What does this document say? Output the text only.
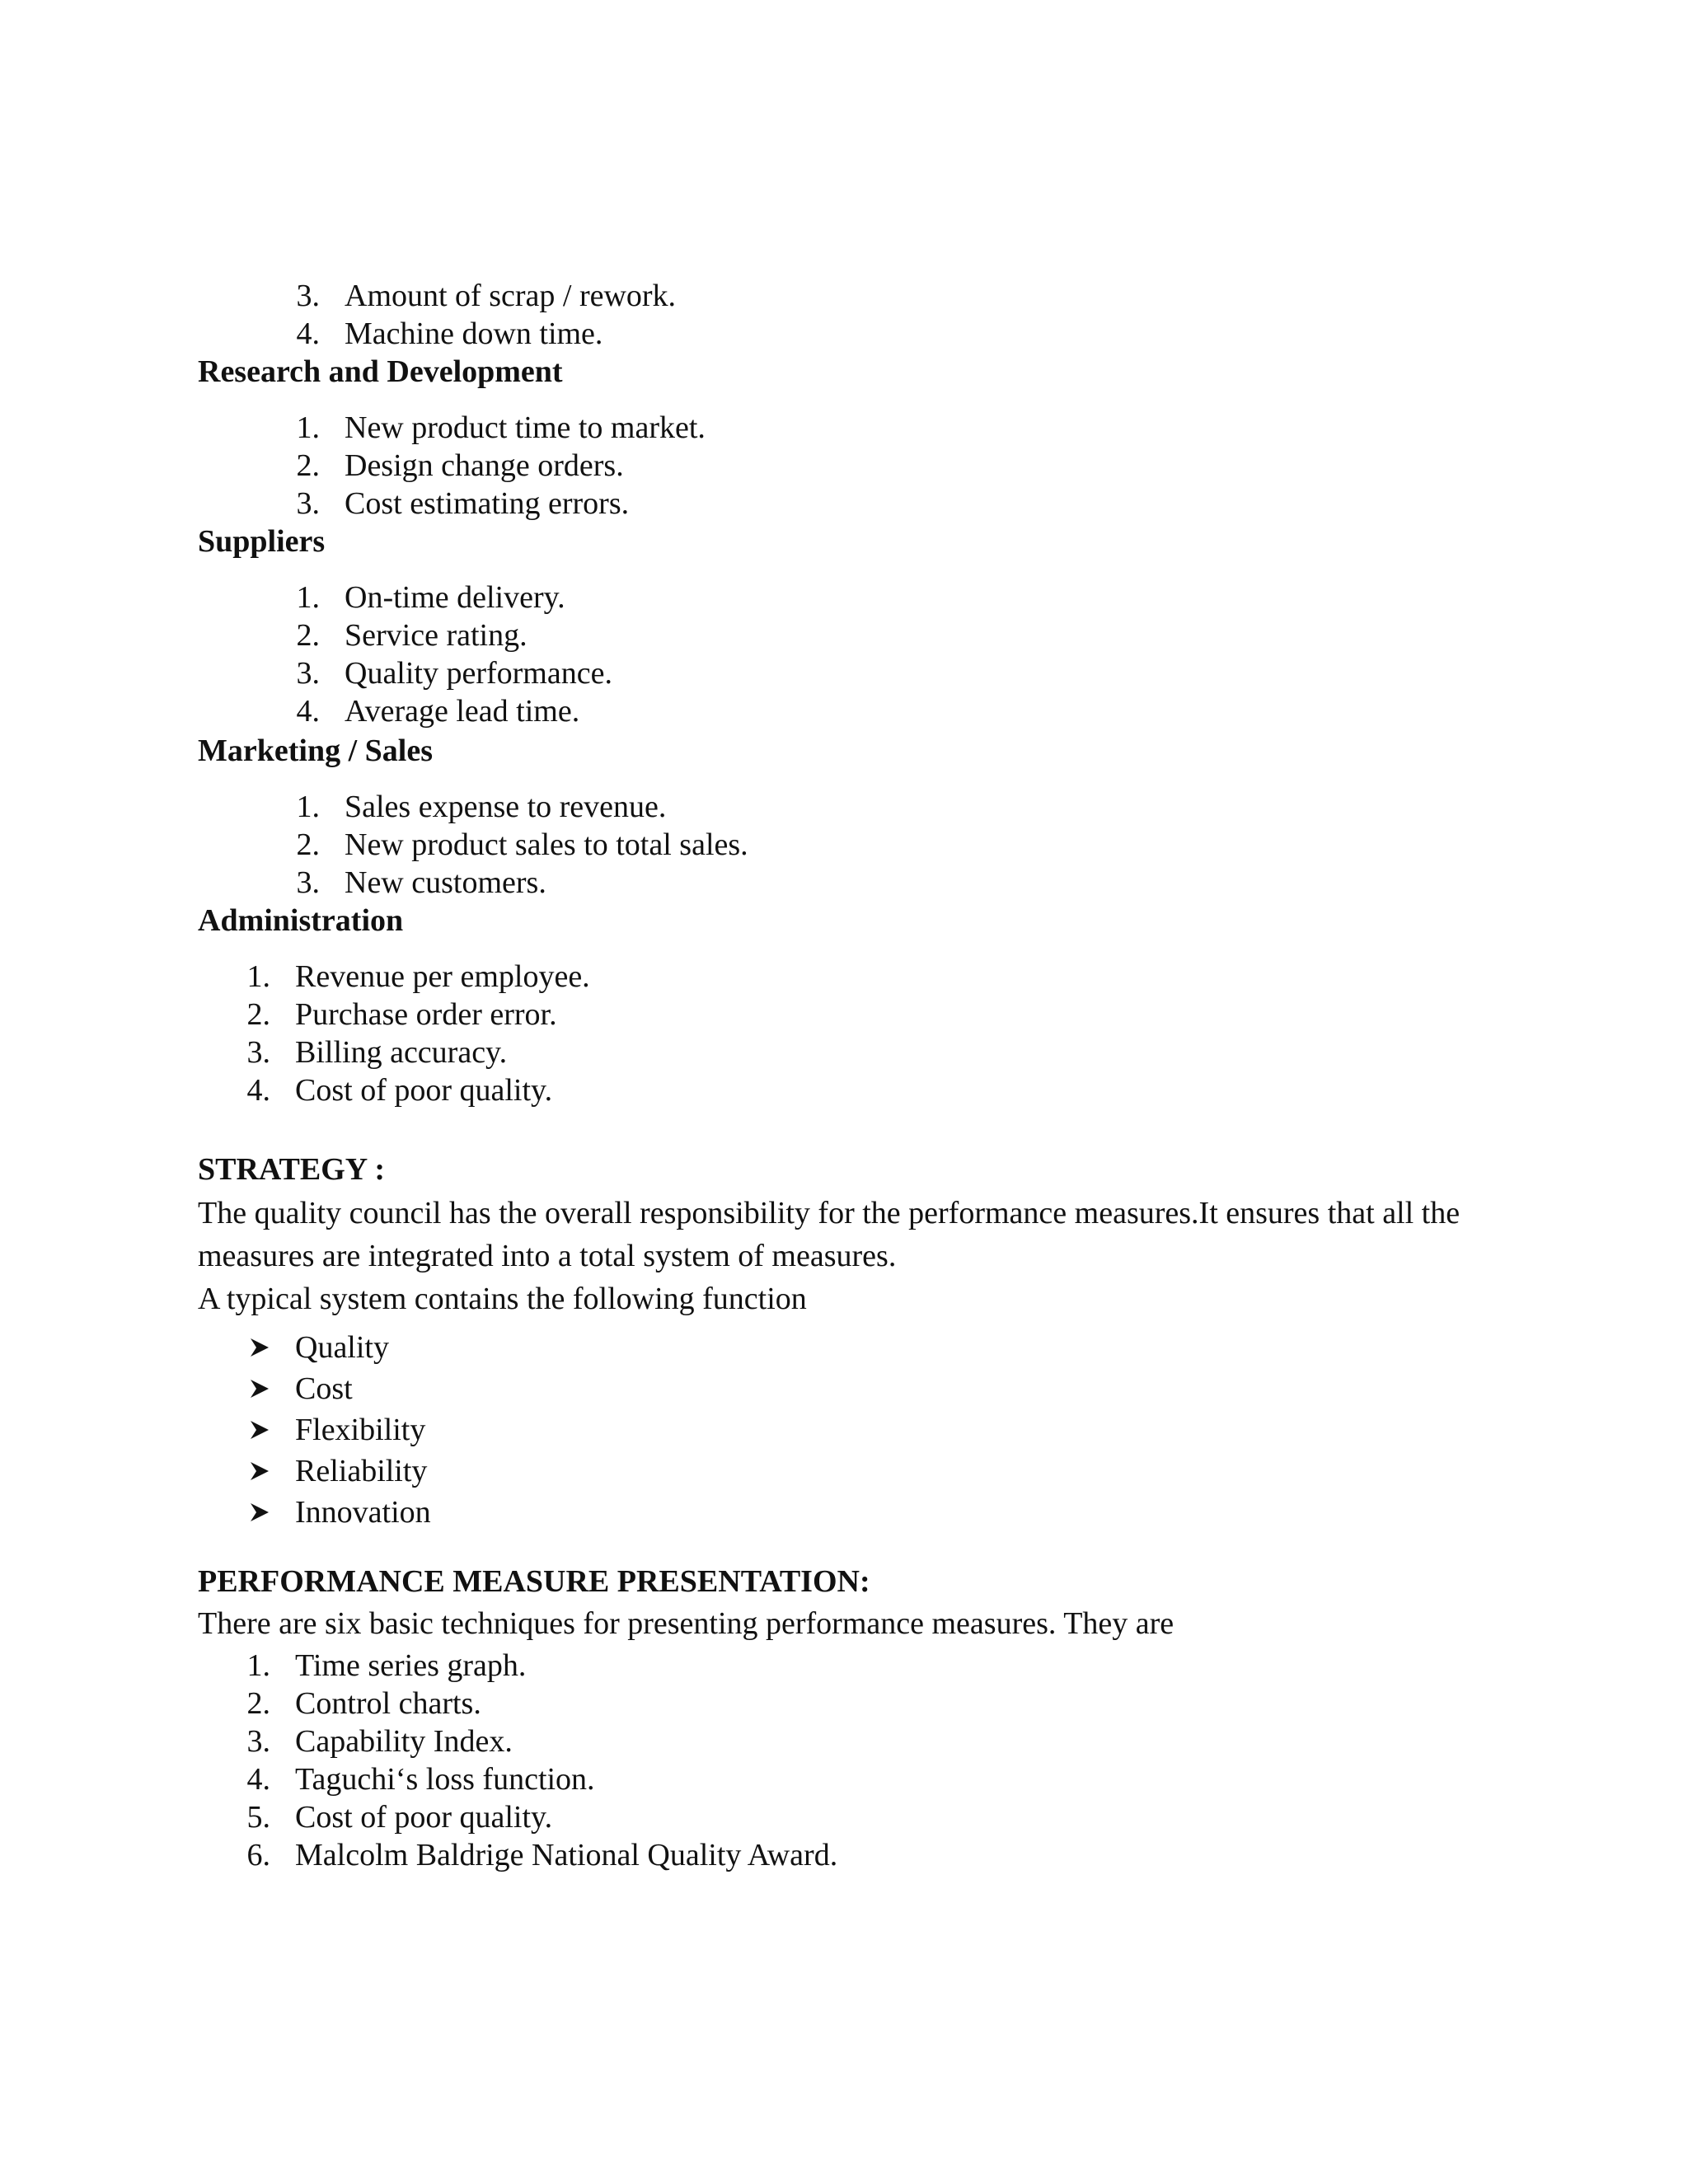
3. Amount of scrap / rework.
4. Machine down time.

Research and Development

1. New product time to market.
2. Design change orders.
3. Cost estimating errors.

Suppliers

1. On-time delivery.
2. Service rating.
3. Quality performance.
4. Average lead time.

Marketing / Sales

1. Sales expense to revenue.
2. New product sales to total sales.
3. New customers.

Administration

1. Revenue per employee.
2. Purchase order error.
3. Billing accuracy.
4. Cost of poor quality.

STRATEGY :

The quality council has the overall responsibility for the performance measures.It ensures that all the measures are integrated into a total system of measures.

A typical system contains the following function

Quality
Cost
Flexibility
Reliability
Innovation

PERFORMANCE MEASURE PRESENTATION:

There are six basic techniques for presenting performance measures. They are

1. Time series graph.
2. Control charts.
3. Capability Index.
4. Taguchi‘s loss function.
5. Cost of poor quality.
6. Malcolm Baldrige National Quality Award.
